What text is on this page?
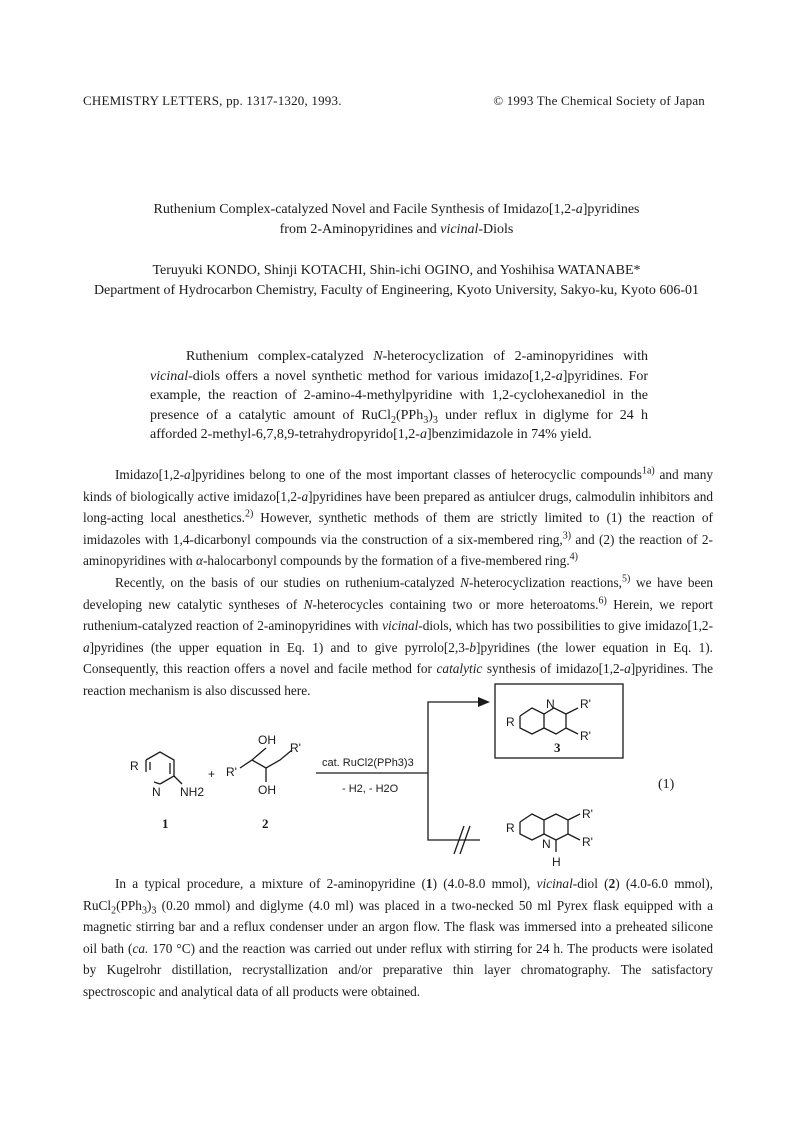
CHEMISTRY LETTERS, pp. 1317-1320, 1993.	© 1993 The Chemical Society of Japan
Ruthenium Complex-catalyzed Novel and Facile Synthesis of Imidazo[1,2-a]pyridines
from 2-Aminopyridines and vicinal-Diols
Teruyuki KONDO, Shinji KOTACHI, Shin-ichi OGINO, and Yoshihisa WATANABE*
Department of Hydrocarbon Chemistry, Faculty of Engineering, Kyoto University, Sakyo-ku, Kyoto 606-01

Ruthenium complex-catalyzed N-heterocyclization of 2-aminopyridines with vicinal-diols offers a novel synthetic method for various imidazo[1,2-a]pyridines. For example, the reaction of 2-amino-4-methylpyridine with 1,2-cyclohexanediol in the presence of a catalytic amount of $RuCl_2(PPh_3)_3$ under reflux in diglyme for 24 h afforded 2-methyl-6,7,8,9-tetrahydropyrido[1,2-a]benzimidazole in 74% yield.

Imidazo[1,2-a]pyridines belong to one of the most important classes of heterocyclic compounds$^{1a)}$ and many kinds of biologically active imidazo[1,2-a]pyridines have been prepared as antiulcer drugs, calmodulin inhibitors and long-acting local anesthetics.$^{2)}$ However, synthetic methods of them are strictly limited to (1) the reaction of imidazoles with 1,4-dicarbonyl compounds via the construction of a six-membered ring,$^{3)}$ and (2) the reaction of 2-aminopyridines with α-halocarbonyl compounds by the formation of a five-membered ring.$^{4)}$

Recently, on the basis of our studies on ruthenium-catalyzed N-heterocyclization reactions,$^{5)}$ we have been developing new catalytic syntheses of N-heterocycles containing two or more heteroatoms.$^{6)}$ Herein, we report ruthenium-catalyzed reaction of 2-aminopyridines with vicinal-diols, which has two possibilities to give imidazo[1,2-a]pyridines (the upper equation in Eq. 1) and to give pyrrolo[2,3-b]pyridines (the lower equation in Eq. 1). Consequently, this reaction offers a novel and facile method for catalytic synthesis of imidazo[1,2-a]pyridines. The reaction mechanism is also discussed here.

R
N NH2
+
OH
R'
R'
OH
cat. RuCl2(PPh3)3
- H2, - H2O
R
N R'
R'
R
N
R'
R'
H
1	2
3
(1)

In a typical procedure, a mixture of 2-aminopyridine (1) (4.0-8.0 mmol), vicinal-diol (2) (4.0-6.0 mmol), $RuCl_2(PPh_3)_3$ (0.20 mmol) and diglyme (4.0 ml) was placed in a two-necked 50 ml Pyrex flask equipped with a magnetic stirring bar and a reflux condenser under an argon flow. The flask was immersed into a preheated silicone oil bath (ca. 170 °C) and the reaction was carried out under reflux with stirring for 24 h. The products were isolated by Kugelrohr distillation, recrystallization and/or preparative thin layer chromatography. The satisfactory spectroscopic and analytical data of all products were obtained.
